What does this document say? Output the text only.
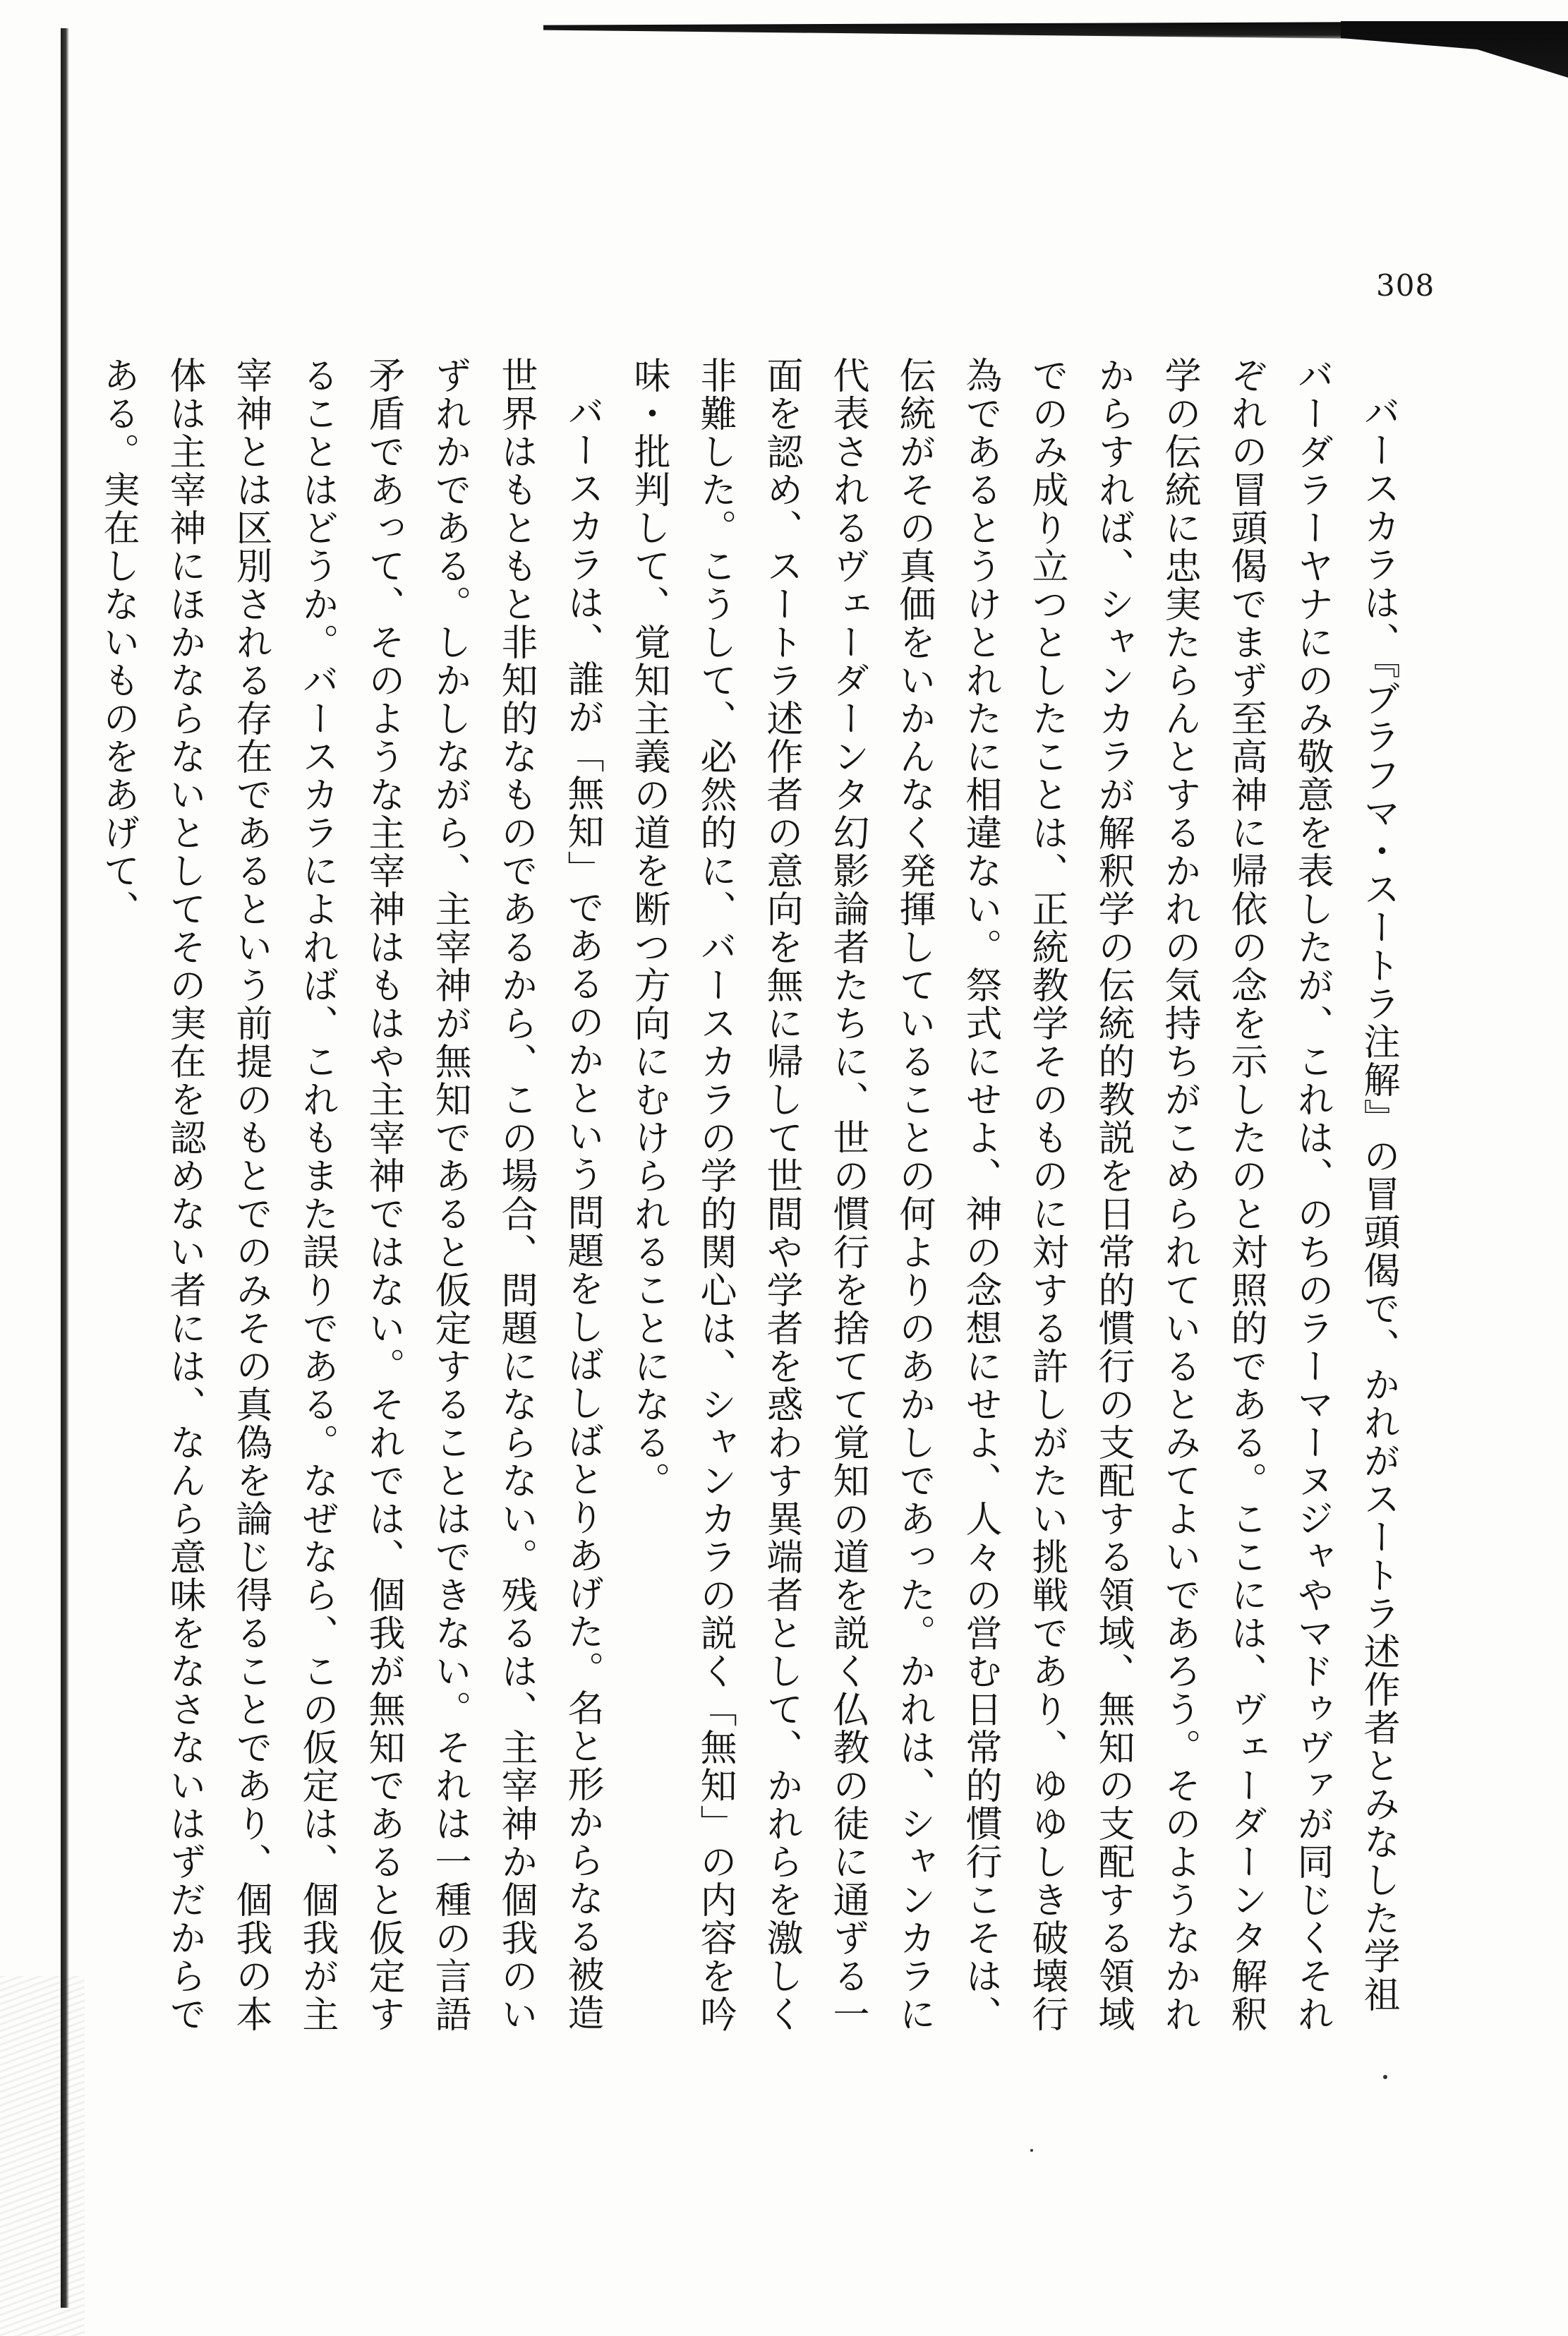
308

バースカラは、『ブラフマ・スートラ注解』の冒頭偈で、かれがスートラ述作者とみなした学祖バーダラーヤナにのみ敬意を表したが、これは、のちのラーマーヌジャやマドゥヴァが同じくそれぞれの冒頭偈でまず至高神に帰依の念を示したのと対照的である。ここには、ヴェーダーンタ解釈学の伝統に忠実たらんとするかれの気持ちがこめられているとみてよいであろう。そのようなかれからすれば、シャンカラが解釈学の伝統的教説を日常的慣行の支配する領域、無知の支配する領域でのみ成り立つとしたことは、正統教学そのものに対する許しがたい挑戦であり、ゆゆしき破壊行為であるとうけとれたに相違ない。祭式にせよ、神の念想にせよ、人々の営む日常的慣行こそは、伝統がその真価をいかんなく発揮していることの何よりのあかしであった。かれは、シャンカラに代表されるヴェーダーンタ幻影論者たちに、世の慣行を捨てて覚知の道を説く仏教の徒に通ずる一面を認め、スートラ述作者の意向を無に帰して世間や学者を惑わす異端者として、かれらを激しく非難した。こうして、必然的に、バースカラの学的関心は、シャンカラの説く「無知」の内容を吟味・批判して、覚知主義の道を断つ方向にむけられることになる。

バースカラは、誰が「無知」であるのかという問題をしばしばとりあげた。名と形からなる被造世界はもともと非知的なものであるから、この場合、問題にならない。残るは、主宰神か個我のいずれかである。しかしながら、主宰神が無知であると仮定することはできない。それは一種の言語矛盾であって、そのような主宰神はもはや主宰神ではない。それでは、個我が無知であると仮定することはどうか。バースカラによれば、これもまた誤りである。なぜなら、この仮定は、個我が主宰神とは区別される存在であるという前提のもとでのみその真偽を論じ得ることであり、個我の本体は主宰神にほかならないとしてその実在を認めない者には、なんら意味をなさないはずだからである。実在しないものをあげて、
